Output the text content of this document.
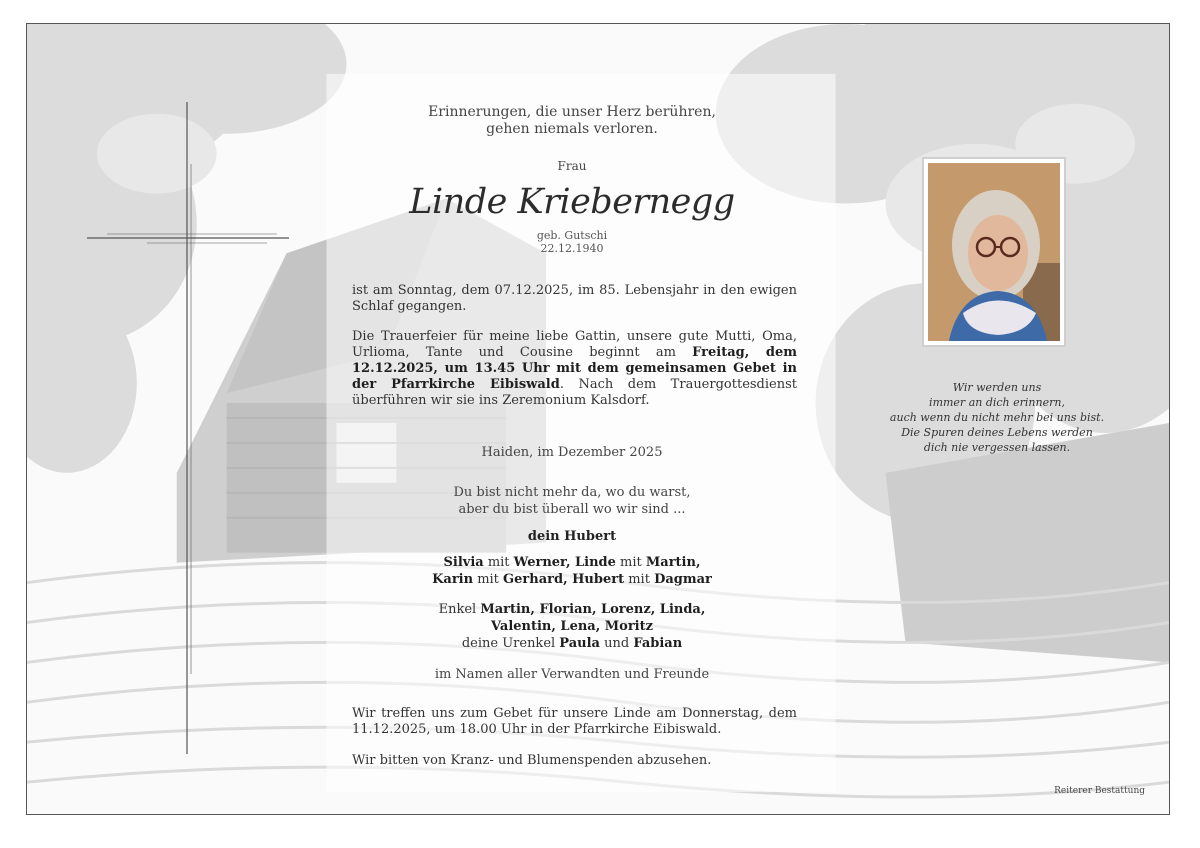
Erinnerungen, die unser Herz berühren,
gehen niemals verloren.
Frau
Linde Kriebernegg
geb. Gutschi
22.12.1940
ist am Sonntag, dem 07.12.2025, im 85. Lebensjahr in den ewigen Schlaf gegangen.
Die Trauerfeier für meine liebe Gattin, unsere gute Mutti, Oma, Urlioma, Tante und Cousine beginnt am Freitag, dem 12.12.2025, um 13.45 Uhr mit dem gemeinsamen Gebet in der Pfarrkirche Eibiswald. Nach dem Trauergottesdienst überführen wir sie ins Zeremonium Kalsdorf.
Haiden, im Dezember 2025
Du bist nicht mehr da, wo du warst,
aber du bist überall wo wir sind ...
dein Hubert
Silvia mit Werner, Linde mit Martin,
Karin mit Gerhard, Hubert mit Dagmar
Enkel Martin, Florian, Lorenz, Linda,
Valentin, Lena, Moritz
deine Urenkel Paula und Fabian
im Namen aller Verwandten und Freunde
Wir treffen uns zum Gebet für unsere Linde am Donnerstag, dem 11.12.2025, um 18.00 Uhr in der Pfarrkirche Eibiswald.
Wir bitten von Kranz- und Blumenspenden abzusehen.
Wir werden uns
immer an dich erinnern,
auch wenn du nicht mehr bei uns bist.
Die Spuren deines Lebens werden
dich nie vergessen lassen.
Reiterer Bestattung
